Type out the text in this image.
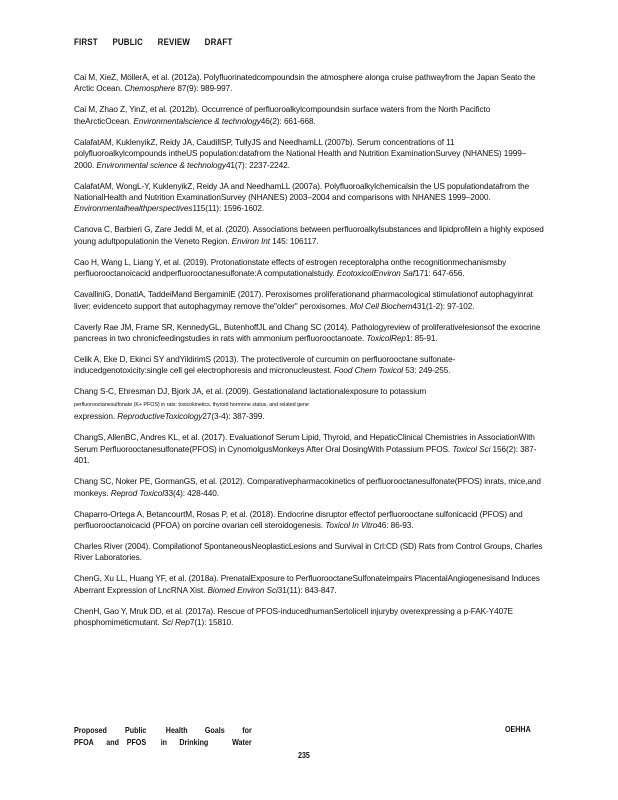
FIRST PUBLIC REVIEW DRAFT

Cai M, XieZ, MöllerA, et al. (2012a). Polyfluorinatedcompoundsin the atmosphere alonga cruise pathwayfrom the Japan Seato the Arctic Ocean. Chemosphere 87(9): 989-997.

Cai M, Zhao Z, YinZ, et al. (2012b). Occurrence of perfluoroalkylcompoundsin surface waters from the North Pacificto theArcticOcean. Environmentalscience & technology46(2): 661-668.

CalafatAM, KuklenyikZ, Reidy JA, CaudillSP, TullyJS and NeedhamLL (2007b). Serum concentrations of 11 polyfluoroalkylcompounds intheUS population:datafrom the National Health and Nutrition ExaminationSurvey (NHANES) 1999–2000. Environmental science & technology41(7): 2237-2242.

CalafatAM, WongL-Y, KuklenyikZ, Reidy JA and NeedhamLL (2007a). Polyfluoroalkylchemicalsin the US populationdatafrom the NationalHealth and Nutrition ExaminationSurvey (NHANES) 2003–2004 and comparisons with NHANES 1999–2000. Environmentalhealthperspectives115(11): 1596-1602.

Canova C, Barbieri G, Zare Jeddi M, et al. (2020). Associations between perfluoroalkylsubstances and lipidprofilein a highly exposed young adultpopulationin the Veneto Region. Environ Int 145: 106117.

Cao H, Wang L, Liang Y, et al. (2019). Protonationstate effects of estrogen receptoralpha onthe recognitionmechanismsby perfluorooctanoicacid andperfluorooctanesulfonate:A computationalstudy. EcotoxicolEnviron Saf171: 647-656.

CavalliniG, DonatiA, TaddeiMand BergaminiE (2017). Peroxisomes proliferationand pharmacological stimulationof autophagyinrat liver: evidenceto support that autophagymay remove the"older" peroxisomes. Mol Cell Biochem431(1-2): 97-102.

Caverly Rae JM, Frame SR, KennedyGL, ButenhoffJL and Chang SC (2014). Pathologyreview of proliferativelesionsof the exocrine pancreas in two chronicfeedingstudies in rats with ammonium perfluorooctanoate. ToxicolRep1: 85-91.

Celik A, Eke D, Ekinci SY andYildirimS (2013). The protectiverole of curcumin on perfluorooctane sulfonate-inducedgenotoxicity:single cell gel electrophoresis and micronucleustest. Food Chem Toxicol 53: 249-255.

Chang S-C, Ehresman DJ, Bjork JA, et al. (2009). Gestationaland lactationalexposure to potassium
perfluorooctanesulfonate (K+ PFOS) in rats: toxicokinetics, thyroid hormone status, and related gene
expression. ReproductiveToxicology27(3-4): 387-399.

ChangS, AllenBC, Andres KL, et al. (2017). Evaluationof Serum Lipid, Thyroid, and HepaticClinical Chemistries in AssociationWith Serum Perfluorooctanesulfonate(PFOS) in CynomolgusMonkeys After Oral DosingWith Potassium PFOS. Toxicol Sci 156(2): 387-401.

Chang SC, Noker PE, GormanGS, et al. (2012). Comparativepharmacokinetics of perfluorooctanesulfonate(PFOS) inrats, mice,and monkeys. Reprod Toxicol33(4): 428-440.

Chaparro-Ortega A, BetancourtM, Rosas P, et al. (2018). Endocrine disruptor effectof perfluorooctane sulfonicacid (PFOS) and perfluorooctanoicacid (PFOA) on porcine ovarian cell steroidogenesis. Toxicol In Vitro46: 86-93.

Charles River (2004). Compilationof SpontaneousNeoplasticLesions and Survival in Crl:CD (SD) Rats from Control Groups, Charles River Laboratories.

ChenG, Xu LL, Huang YF, et al. (2018a). PrenatalExposure to PerfluorooctaneSulfonateimpairs PlacentalAngiogenesisand Induces Aberrant Expression of LncRNA Xist. Biomed Environ Sci31(11): 843-847.

ChenH, Gao Y, Mruk DD, et al. (2017a). Rescue of PFOS-inducedhumanSertolicell injuryby overexpressing a p-FAK-Y407E phosphomimeticmutant. Sci Rep7(1): 15810.

Proposed Public Health Goals for
PFOA and PFOS in Drinking	Water
OEHHA
235
